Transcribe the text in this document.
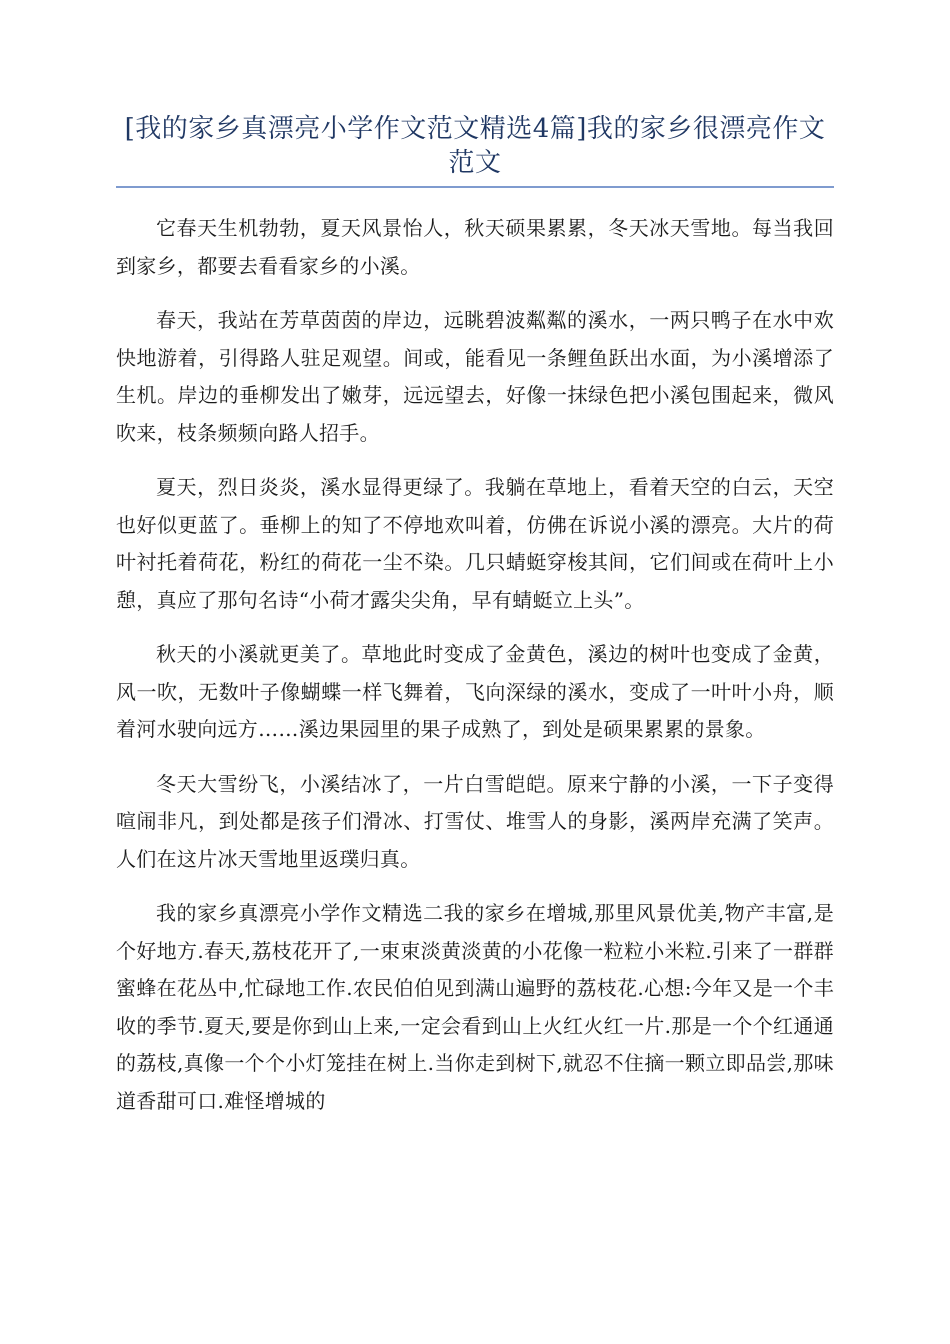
[我的家乡真漂亮小学作文范文精选4篇]我的家乡很漂亮作文范文

它春天生机勃勃，夏天风景怡人，秋天硕果累累，冬天冰天雪地。每当我回到家乡，都要去看看家乡的小溪。

春天，我站在芳草茵茵的岸边，远眺碧波粼粼的溪水，一两只鸭子在水中欢快地游着，引得路人驻足观望。间或，能看见一条鲤鱼跃出水面，为小溪增添了生机。岸边的垂柳发出了嫩芽，远远望去，好像一抹绿色把小溪包围起来，微风吹来，枝条频频向路人招手。

夏天，烈日炎炎，溪水显得更绿了。我躺在草地上，看着天空的白云，天空也好似更蓝了。垂柳上的知了不停地欢叫着，仿佛在诉说小溪的漂亮。大片的荷叶衬托着荷花，粉红的荷花一尘不染。几只蜻蜓穿梭其间，它们间或在荷叶上小憩，真应了那句名诗“小荷才露尖尖角，早有蜻蜓立上头”。

秋天的小溪就更美了。草地此时变成了金黄色，溪边的树叶也变成了金黄，风一吹，无数叶子像蝴蝶一样飞舞着，飞向深绿的溪水，变成了一叶叶小舟，顺着河水驶向远方……溪边果园里的果子成熟了，到处是硕果累累的景象。

冬天大雪纷飞，小溪结冰了，一片白雪皑皑。原来宁静的小溪，一下子变得喧闹非凡，到处都是孩子们滑冰、打雪仗、堆雪人的身影，溪两岸充满了笑声。人们在这片冰天雪地里返璞归真。

我的家乡真漂亮小学作文精选二我的家乡在增城,那里风景优美,物产丰富,是个好地方.春天,荔枝花开了,一束束淡黄淡黄的小花像一粒粒小米粒.引来了一群群蜜蜂在花丛中,忙碌地工作.农民伯伯见到满山遍野的荔枝花.心想:今年又是一个丰收的季节.夏天,要是你到山上来,一定会看到山上火红火红一片.那是一个个红通通的荔枝,真像一个个小灯笼挂在树上.当你走到树下,就忍不住摘一颗立即品尝,那味道香甜可口.难怪增城的
